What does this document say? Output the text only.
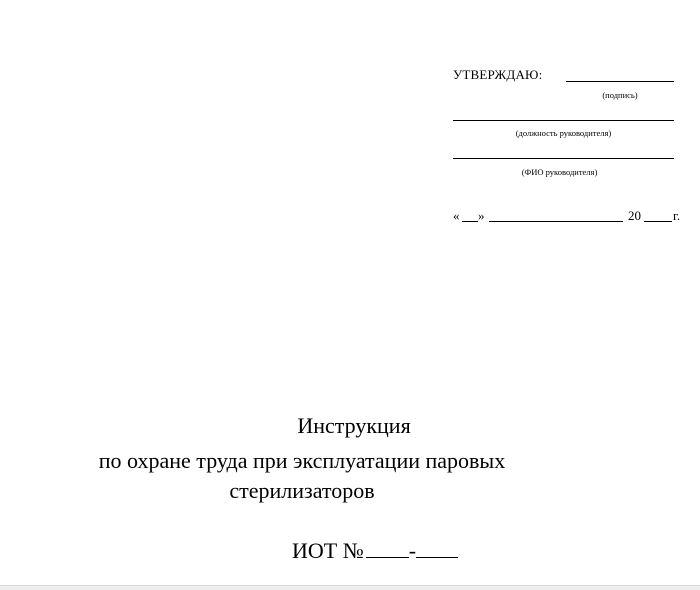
УТВЕРЖДАЮ:
(подпись)
(должность руководителя)
(ФИО руководителя)
« »	20 г.
Инструкция
по охране труда при эксплуатации паровых
стерилизаторов
ИОТ № -
